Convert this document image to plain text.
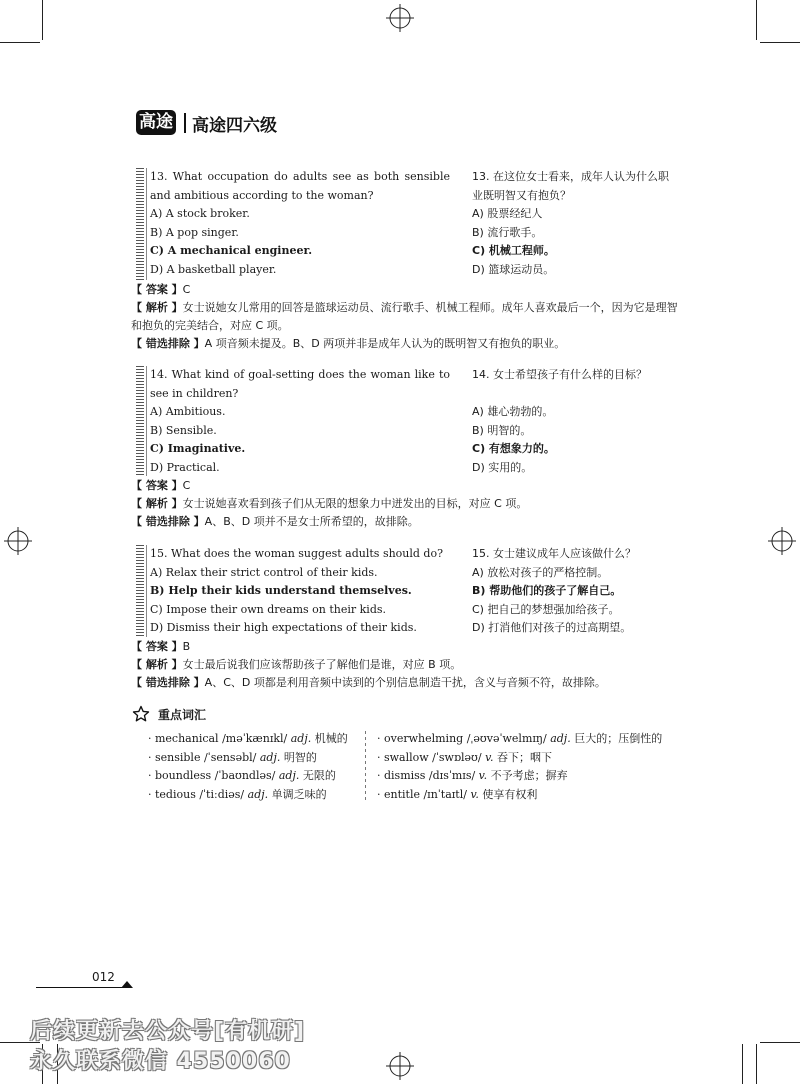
高途 高途四六级
13. What occupation do adults see as both sensible and ambitious according to the woman?
A) A stock broker.
B) A pop singer.
C) A mechanical engineer.
D) A basketball player.
13. 在这位女士看来，成年人认为什么职业既明智又有抱负？
A) 股票经纪人
B) 流行歌手。
C) 机械工程师。
D) 篮球运动员。
【 答案 】C
【 解析 】女士说她女儿常用的回答是篮球运动员、流行歌手、机械工程师。成年人喜欢最后一个，因为它是理智和抱负的完美结合，对应 C 项。
【 错选排除 】A 项音频未提及。B、D 两项并非是成年人认为的既明智又有抱负的职业。
14. What kind of goal-setting does the woman like to see in children?
A) Ambitious.
B) Sensible.
C) Imaginative.
D) Practical.
14. 女士希望孩子有什么样的目标？
A) 雄心勃勃的。
B) 明智的。
C) 有想象力的。
D) 实用的。
【 答案 】C
【 解析 】女士说她喜欢看到孩子们从无限的想象力中迸发出的目标，对应 C 项。
【 错选排除 】A、B、D 项并不是女士所希望的，故排除。
15. What does the woman suggest adults should do?
A) Relax their strict control of their kids.
B) Help their kids understand themselves.
C) Impose their own dreams on their kids.
D) Dismiss their high expectations of their kids.
15. 女士建议成年人应该做什么？
A) 放松对孩子的严格控制。
B) 帮助他们的孩子了解自己。
C) 把自己的梦想强加给孩子。
D) 打消他们对孩子的过高期望。
【 答案 】B
【 解析 】女士最后说我们应该帮助孩子了解他们是谁，对应 B 项。
【 错选排除 】A、C、D 项都是利用音频中读到的个别信息制造干扰，含义与音频不符，故排除。
重点词汇
· mechanical /məˈkænɪkl/ adj. 机械的
· sensible /ˈsensəbl/ adj. 明智的
· boundless /ˈbaʊndləs/ adj. 无限的
· tedious /ˈtiːdiəs/ adj. 单调乏味的
· overwhelming /ˌəʊvəˈwelmɪŋ/ adj. 巨大的；压倒性的
· swallow /ˈswɒləʊ/ v. 吞下；咽下
· dismiss /dɪsˈmɪs/ v. 不予考虑；摒弃
· entitle /ɪnˈtaɪtl/ v. 使享有权利
012
后续更新去公众号[有机研]
永久联系微信 4550060
